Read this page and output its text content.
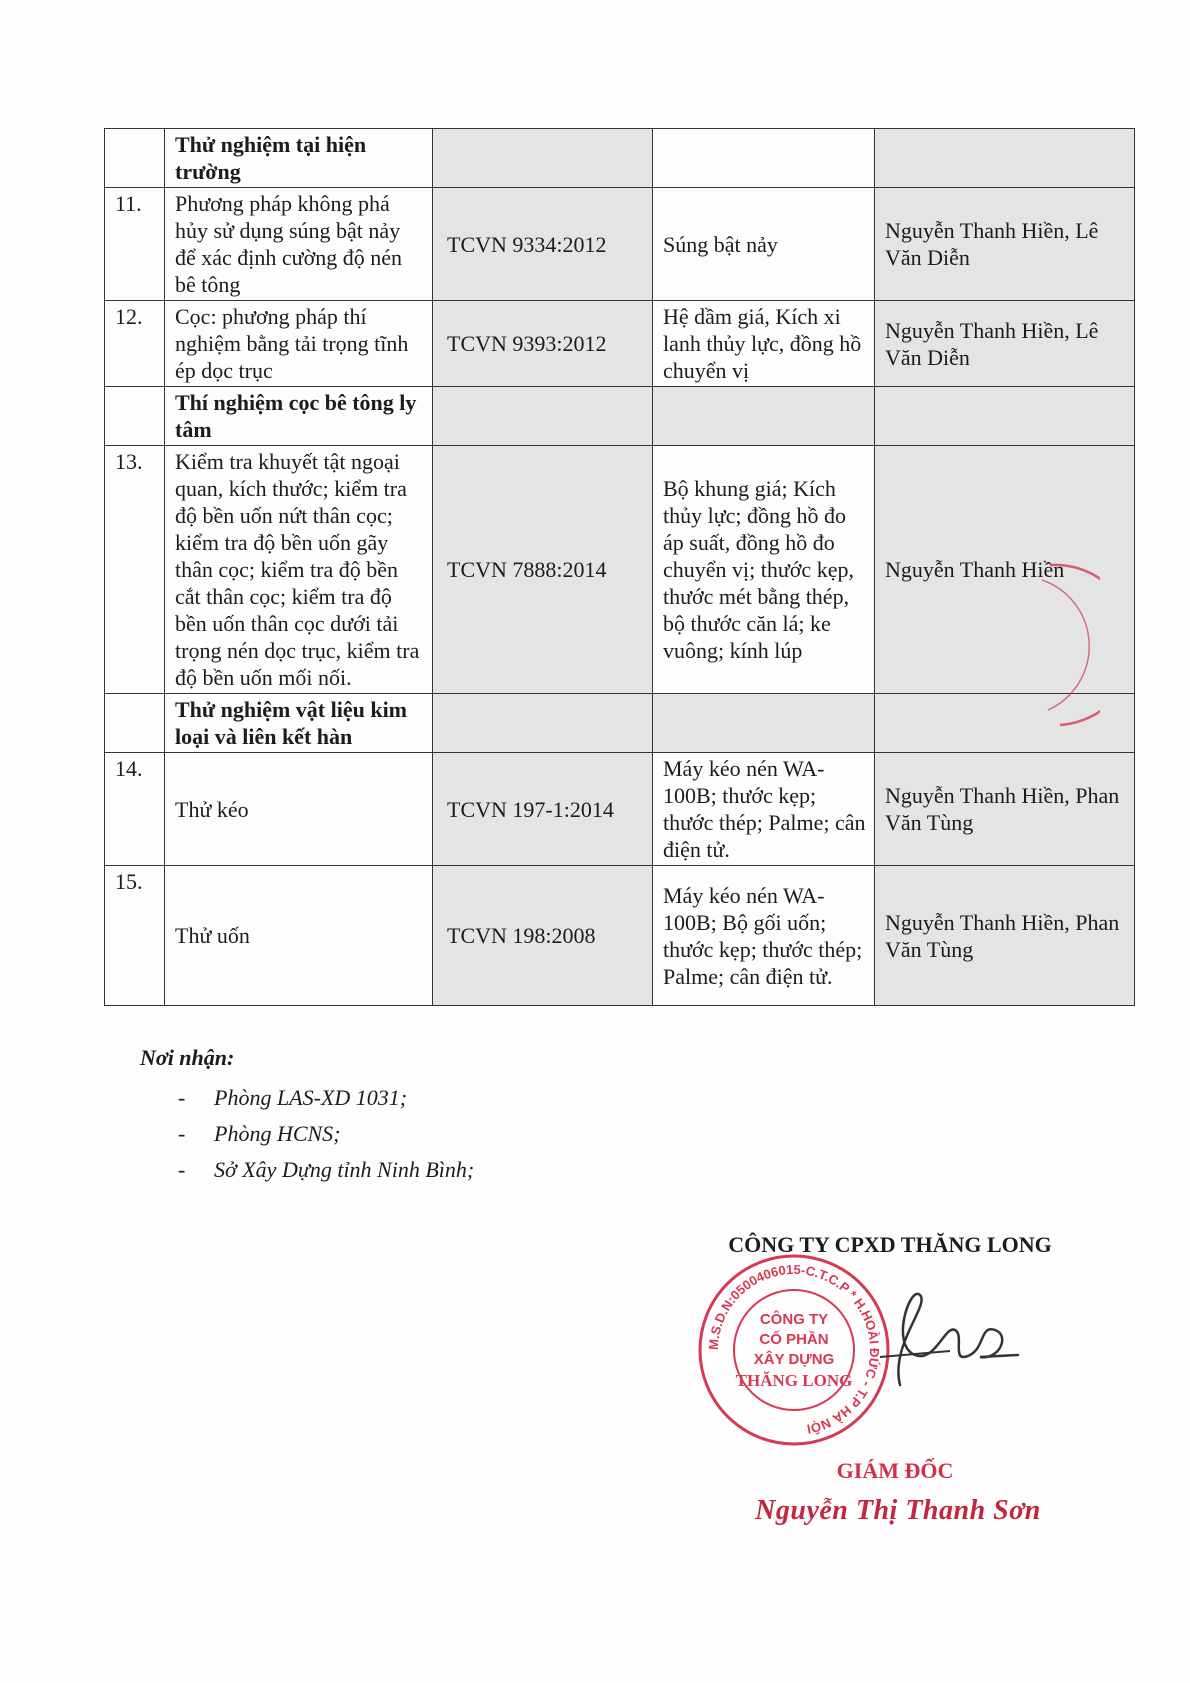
	Thử nghiệm tại hiện trường			
11.	Phương pháp không phá hủy sử dụng súng bật nảy để xác định cường độ nén bê tông	TCVN 9334:2012	Súng bật nảy	Nguyễn Thanh Hiền, Lê Văn Diễn
12.	Cọc: phương pháp thí nghiệm bằng tải trọng tĩnh ép dọc trục	TCVN 9393:2012	Hệ dầm giá, Kích xi lanh thủy lực, đồng hồ chuyển vị	Nguyễn Thanh Hiền, Lê Văn Diễn
	Thí nghiệm cọc bê tông ly tâm			
13.	Kiểm tra khuyết tật ngoại quan, kích thước; kiểm tra độ bền uốn nứt thân cọc; kiểm tra độ bền uốn gãy thân cọc; kiểm tra độ bền cắt thân cọc; kiểm tra độ bền uốn thân cọc dưới tải trọng nén dọc trục, kiểm tra độ bền uốn mối nối.	TCVN 7888:2014	Bộ khung giá; Kích thủy lực; đồng hồ đo áp suất, đồng hồ đo chuyển vị; thước kẹp, thước mét bằng thép, bộ thước căn lá; ke vuông; kính lúp	Nguyễn Thanh Hiền
	Thử nghiệm vật liệu kim loại và liên kết hàn			
14.	Thử kéo	TCVN 197-1:2014	Máy kéo nén WA-100B; thước kẹp; thước thép; Palme; cân điện tử.	Nguyễn Thanh Hiền, Phan Văn Tùng
15.	Thử uốn	TCVN 198:2008	Máy kéo nén WA-100B; Bộ gối uốn; thước kẹp; thước thép; Palme; cân điện tử.	Nguyễn Thanh Hiền, Phan Văn Tùng
Nơi nhận:
- Phòng LAS-XD 1031;
- Phòng HCNS;
- Sở Xây Dựng tỉnh Ninh Bình;
CÔNG TY CPXD THĂNG LONG
M.S.D.N:0500406015-C.T.C.P * H.HOÀI ĐỨC - T.P HÀ NỘI
CÔNG TY
CỔ PHẦN
XÂY DỰNG
THĂNG LONG
GIÁM ĐỐC
Nguyễn Thị Thanh Sơn
